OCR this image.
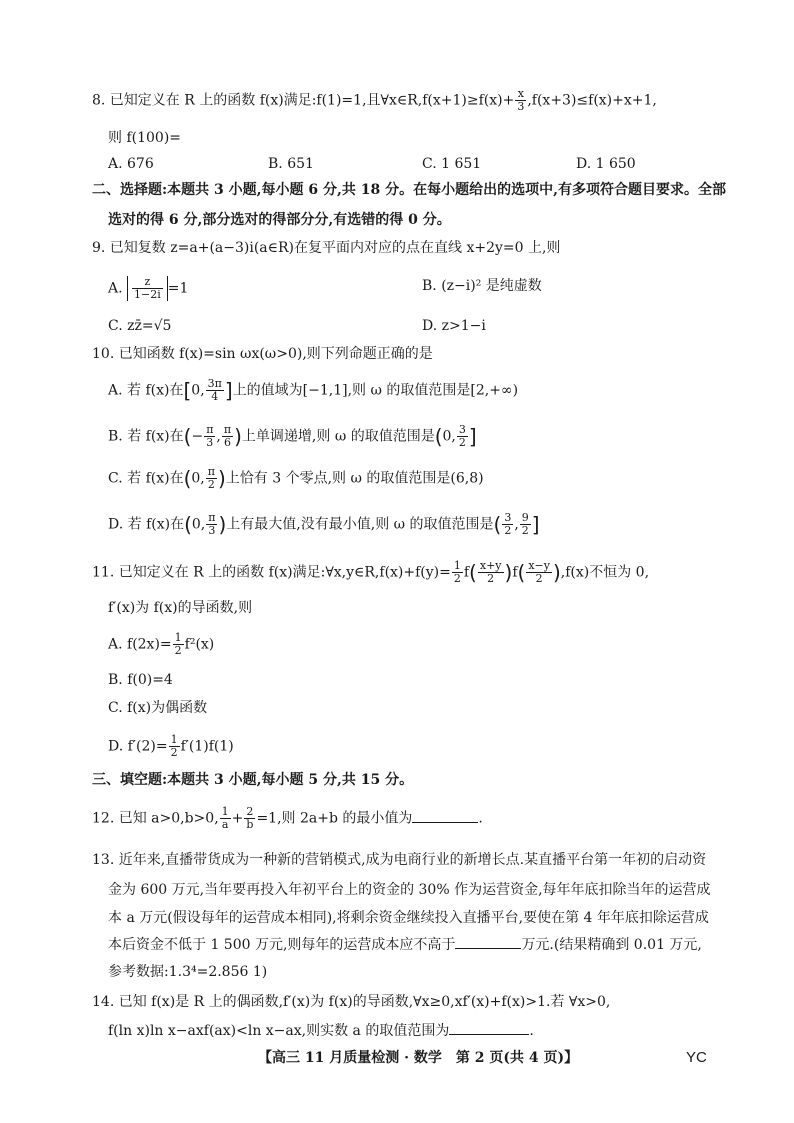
8. 已知定义在 R 上的函数 f(x)满足:f(1)=1,且∀x∈R,f(x+1)≥f(x)+ $\frac{x}{3} ,f(x+3)\le f(x)+x+1$,
则 f(100)=
A. 676	B. 651	C. 1 651	D. 1 650
二、选择题:本题共 3 小题,每小题 6 分,共 18 分。在每小题给出的选项中,有多项符合题目要求。全部
选对的得 6 分,部分选对的得部分分,有选错的得 0 分。
9. 已知复数 z=a+(a−3)i(a∈R)在复平面内对应的点在直线 x+2y=0 上,则
A. $\frac{z}{1-2i} =1$	B. (z−i)² 是纯虚数
C. zz̄=√5	D. z>1−i
10. 已知函数 f(x)=sin ωx(ω>0),则下列命题正确的是
A. 若 f(x)在[0, $\frac{3\pi}{4}$ ]上的值域为[−1,1],则 ω 的取值范围是[2,+∞)
B. 若 f(x)在(− $\frac{\pi}{3}$ , $\frac{\pi}{6}$ )上单调递增,则 ω 的取值范围是(0, $\frac{3}{2}$ ]
C. 若 f(x)在(0, $\frac{\pi}{2}$ )上恰有 3 个零点,则 ω 的取值范围是(6,8)
D. 若 f(x)在(0, $\frac{\pi}{3}$ )上有最大值,没有最小值,则 ω 的取值范围是( $\frac{3}{2}$ , $\frac{9}{2}$ ]
11. 已知定义在 R 上的函数 f(x)满足:∀x,y∈R,f(x)+f(y)= $\frac{1}{2} f( \frac{x+y}{2} )f( \frac{x-y}{2} ),f(x)$不恒为 0,
f′(x)为 f(x)的导函数,则
A. $f(2x)= \frac{1}{2} f^2(x)$
B. f(0)=4
C. f(x)为偶函数
D. $f'(2)= \frac{1}{2} f'(1)f(1)$
三、填空题:本题共 3 小题,每小题 5 分,共 15 分。
12. 已知 a>0,b>0, $\frac{1}{a} + \frac{2}{b} =1$,则 2a+b 的最小值为	.
13. 近年来,直播带货成为一种新的营销模式,成为电商行业的新增长点.某直播平台第一年初的启动资
金为 600 万元,当年要再投入年初平台上的资金的 30% 作为运营资金,每年年底扣除当年的运营成
本 a 万元(假设每年的运营成本相同),将剩余资金继续投入直播平台,要使在第 4 年年底扣除运营成
本后资金不低于 1 500 万元,则每年的运营成本应不高于	万元.(结果精确到 0.01 万元,
参考数据:1.3⁴=2.856 1)
14. 已知 f(x)是 R 上的偶函数,f′(x)为 f(x)的导函数,∀x≥0,xf′(x)+f(x)>1.若 ∀x>0,
f(ln x)ln x−axf(ax)<ln x−ax,则实数 a 的取值范围为	.
【高三 11 月质量检测 · 数学　第 2 页(共 4 页)】	YC
